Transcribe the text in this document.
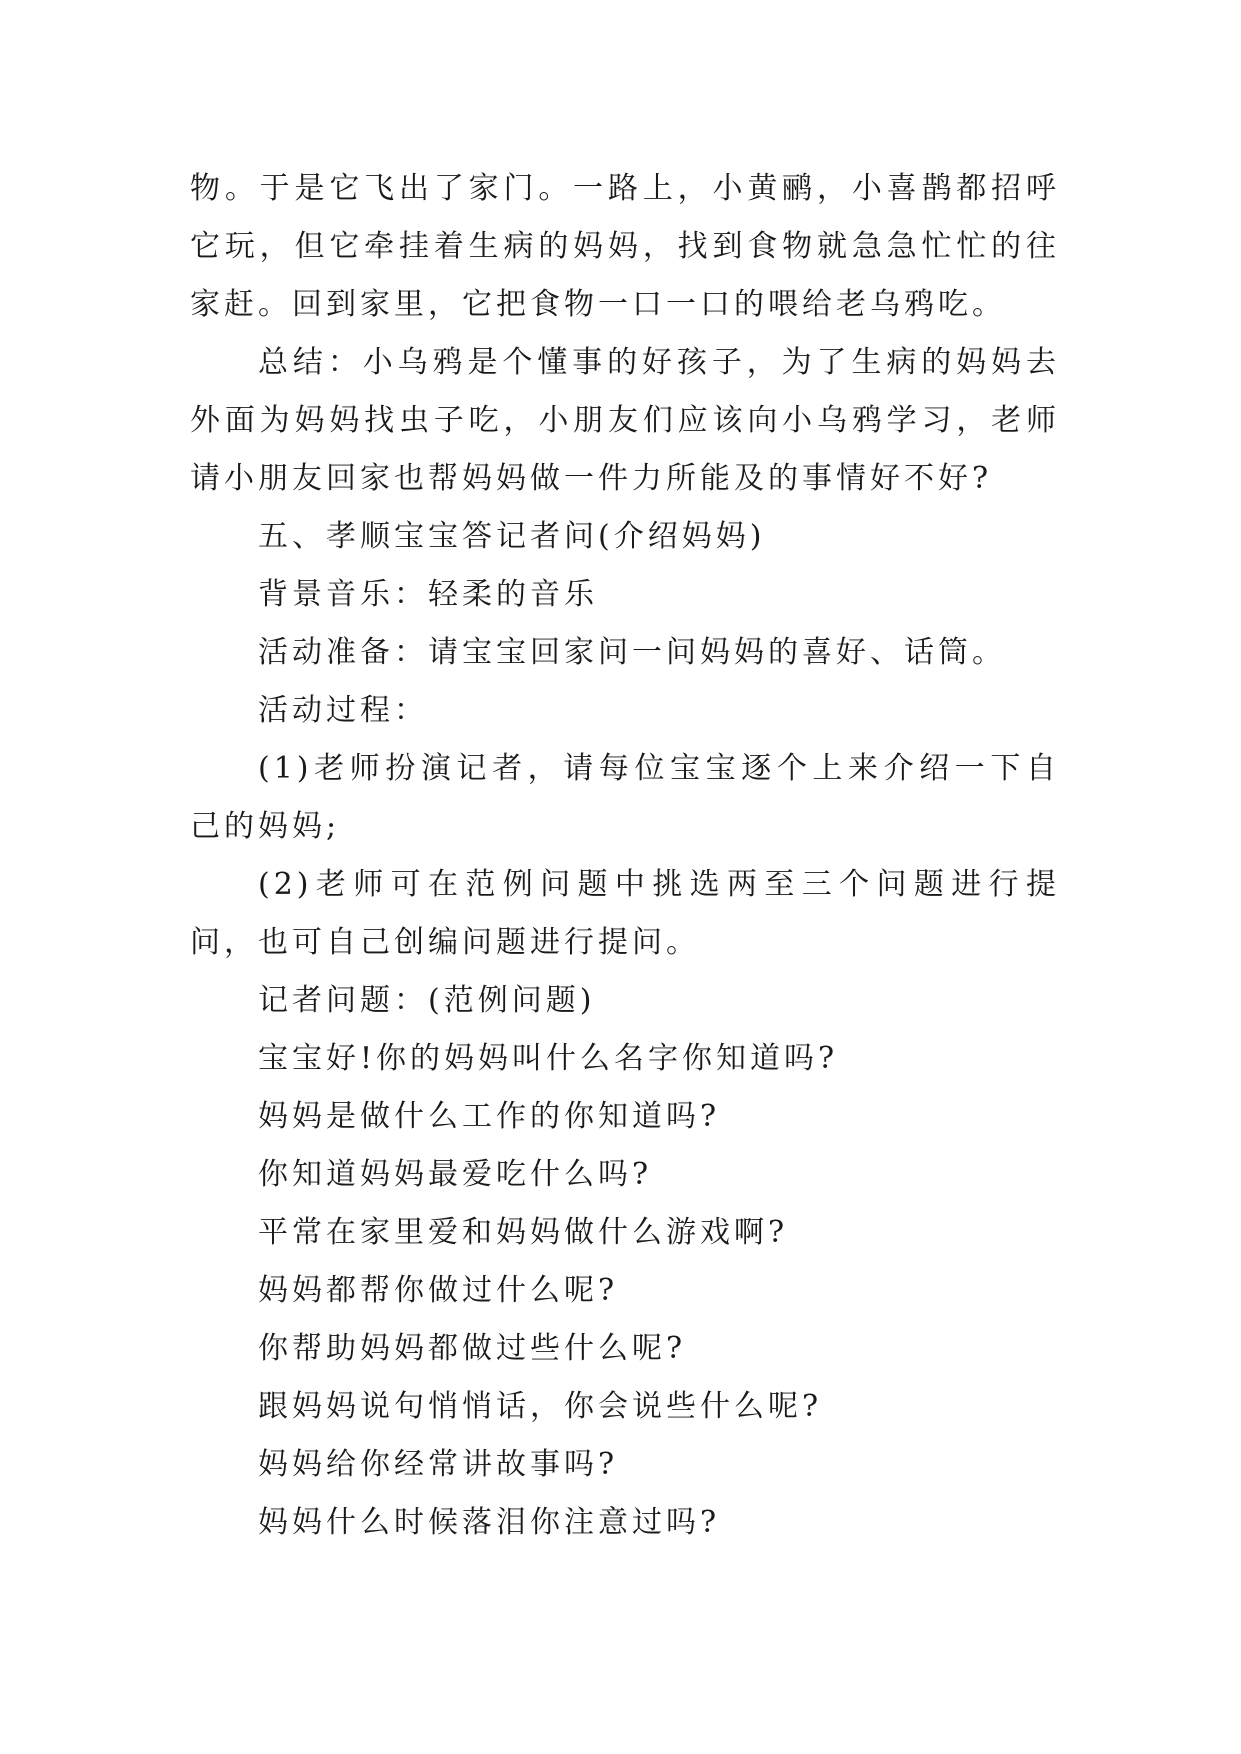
物。于是它飞出了家门。一路上，小黄鹂，小喜鹊都招呼它玩，但它牵挂着生病的妈妈，找到食物就急急忙忙的往家赶。回到家里，它把食物一口一口的喂给老乌鸦吃。

总结：小乌鸦是个懂事的好孩子，为了生病的妈妈去外面为妈妈找虫子吃，小朋友们应该向小乌鸦学习，老师请小朋友回家也帮妈妈做一件力所能及的事情好不好?

五、孝顺宝宝答记者问(介绍妈妈)

背景音乐：轻柔的音乐

活动准备：请宝宝回家问一问妈妈的喜好、话筒。

活动过程：

(1)老师扮演记者，请每位宝宝逐个上来介绍一下自己的妈妈;

(2)老师可在范例问题中挑选两至三个问题进行提问，也可自己创编问题进行提问。

记者问题：(范例问题)

宝宝好!你的妈妈叫什么名字你知道吗?

妈妈是做什么工作的你知道吗?

你知道妈妈最爱吃什么吗?

平常在家里爱和妈妈做什么游戏啊?

妈妈都帮你做过什么呢?

你帮助妈妈都做过些什么呢?

跟妈妈说句悄悄话，你会说些什么呢?

妈妈给你经常讲故事吗?

妈妈什么时候落泪你注意过吗?
